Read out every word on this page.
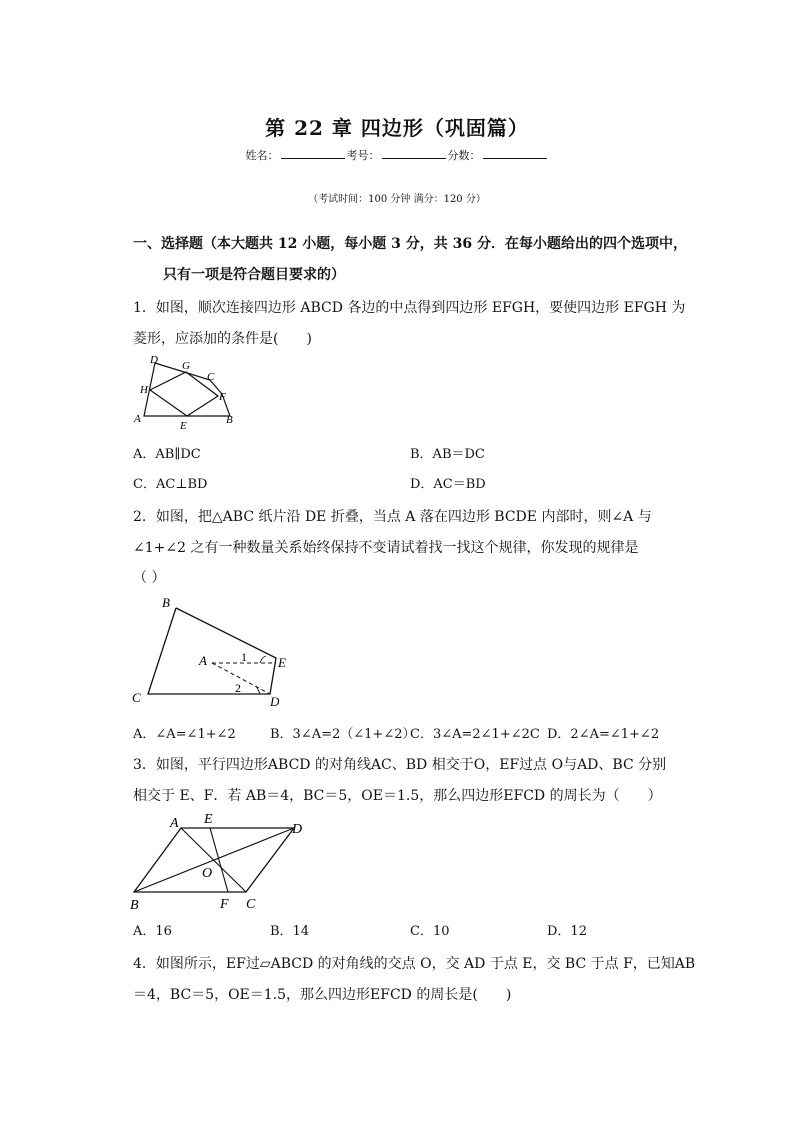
第 22 章 四边形（巩固篇）
姓名：	考号：	分数：
（考试时间：100 分钟 满分：120 分）
一、选择题（本大题共 12 小题，每小题 3 分，共 36 分．在每小题给出的四个选项中，
只有一项是符合题目要求的）
1．如图，顺次连接四边形 ABCD 各边的中点得到四边形 EFGH，要使四边形 EFGH 为
菱形，应添加的条件是(　　)
D G
C
H
F
A
E	B
A．AB∥DC	B．AB＝DC
C．AC⊥BD	D．AC＝BD
2．如图，把△ABC 纸片沿 DE 折叠，当点 A 落在四边形 BCDE 内部时，则∠A 与
∠1+∠2 之有一种数量关系始终保持不变请试着找一找这个规律，你发现的规律是
（ ）
B
A	E
C	D
1
2
A．∠A=∠1+∠2	B．3∠A=2（∠1+∠2）
C．3∠A=2∠1+∠2C D．2∠A=∠1+∠2
3．如图，平行四边形ABCD 的对角线AC、BD 相交于O，EF过点 O与AD、BC 分别
相交于 E、F．若 AB＝4，BC＝5，OE＝1.5，那么四边形EFCD 的周长为（　　）
A E
D
O
B	F C
A．16	B．14	C．10	D．12
4．如图所示，EF过▱ABCD 的对角线的交点 O，交 AD 于点 E，交 BC 于点 F，已知AB
＝4，BC＝5，OE＝1.5，那么四边形EFCD 的周长是(　　)
